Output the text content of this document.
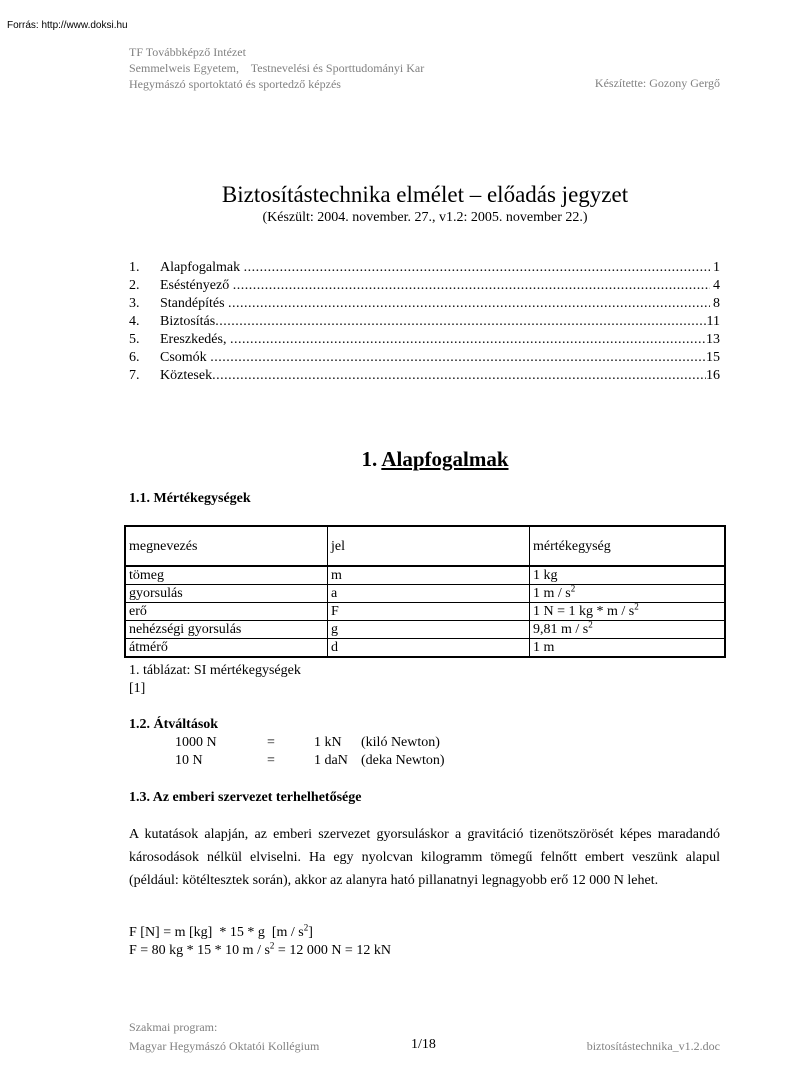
Forrás: http://www.doksi.hu
TF Továbbképző Intézet
Semmelweis Egyetem,    Testnevelési és Sporttudományi Kar
Hegymászó sportoktató és sportedző képzés	Készítette: Gozony Gergő
Biztosítástechnika elmélet – előadás jegyzet
(Készült: 2004. november. 27., v1.2: 2005. november 22.)
1.	Alapfogalmak .....	1
2.	Eséstényező .....	4
3.	Standépítés .....	8
4.	Biztosítás .....	11
5.	Ereszkedés, .....	13
6.	Csomók .....	15
7.	Köztesek .....	16
1. Alapfogalmak
1.1. Mértékegységek
megnevezés	jel	mértékegység
tömeg	m	1 kg
gyorsulás	a	1 m / $s^2$
erő	F	1 N = 1 kg * m / $s^2$
nehézségi gyorsulás	g	9,81 m / $s^2$
átmérő	d	1 m
1. táblázat: SI mértékegységek
[1]
1.2. Átváltások
1000 N	=	1 kN (kiló Newton)
10 N	=	1 daN (deka Newton)
1.3. Az emberi szervezet terhelhetősége
A kutatások alapján, az emberi szervezet gyorsuláskor a gravitáció tizenötszörösét képes maradandó károsodások nélkül elviselni. Ha egy nyolcvan kilogramm tömegű felnőtt embert veszünk alapul (például: kötéltesztek során), akkor az alanyra ható pillanatnyi legnagyobb erő 12 000 N lehet.
F [N] = m [kg]  * 15 * g  $[m / s^2]$
F = 80 kg * 15 * 10 $m / s^2 = 12$ 000 N = 12 kN
Szakmai program:
Magyar Hegymászó Oktatói Kollégium	1/18	biztosítástechnika_v1.2.doc
